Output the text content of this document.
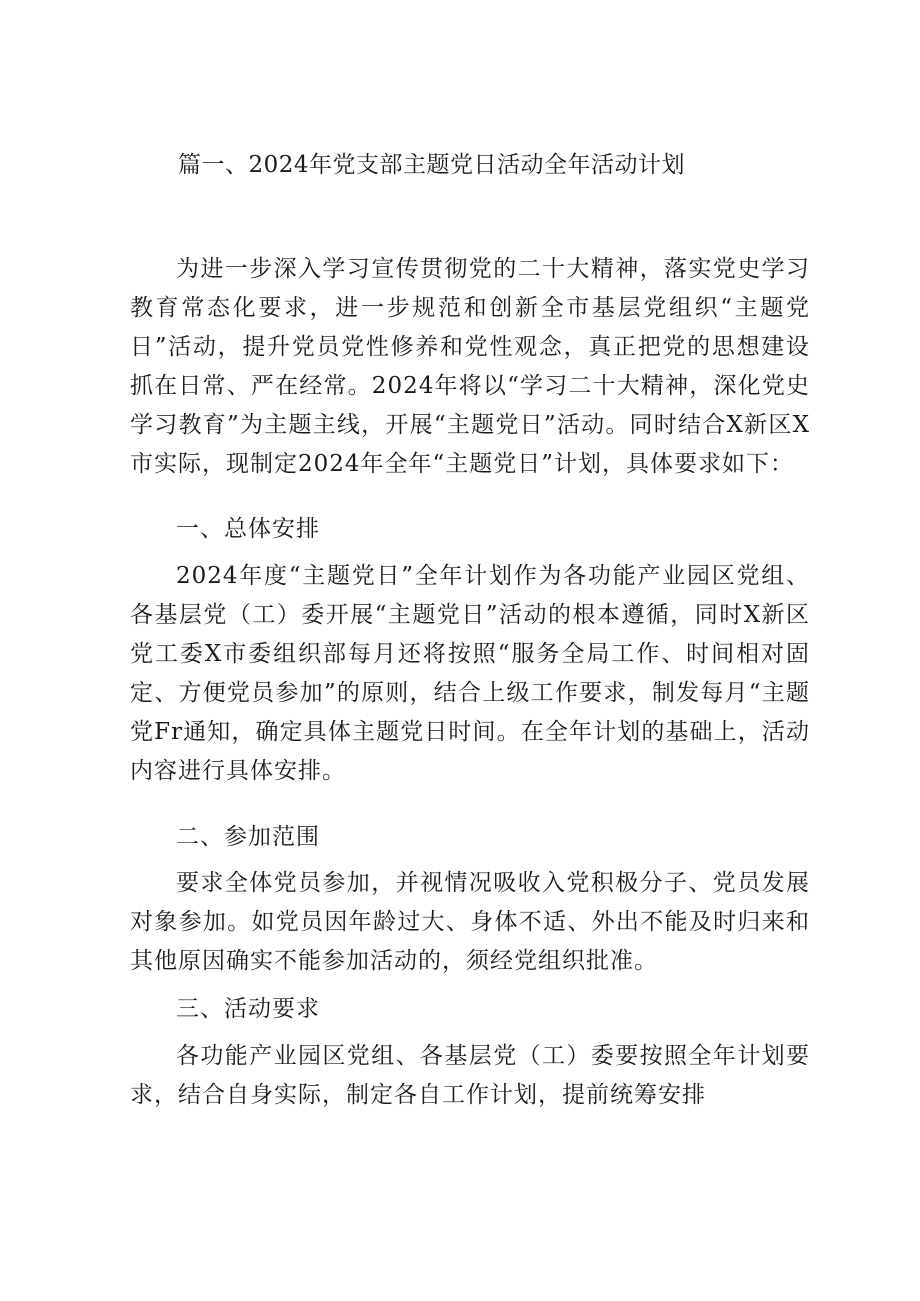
篇一、2024年党支部主题党日活动全年活动计划

为进一步深入学习宣传贯彻党的二十大精神，落实党史学习教育常态化要求，进一步规范和创新全市基层党组织“主题党日”活动，提升党员党性修养和党性观念，真正把党的思想建设抓在日常、严在经常。2024年将以“学习二十大精神，深化党史学习教育”为主题主线，开展“主题党日”活动。同时结合X新区X市实际，现制定2024年全年“主题党日”计划，具体要求如下：

一、总体安排

2024年度“主题党日”全年计划作为各功能产业园区党组、各基层党（工）委开展“主题党日”活动的根本遵循，同时X新区党工委X市委组织部每月还将按照“服务全局工作、时间相对固定、方便党员参加”的原则，结合上级工作要求，制发每月“主题党Fr通知，确定具体主题党日时间。在全年计划的基础上，活动内容进行具体安排。

二、参加范围

要求全体党员参加，并视情况吸收入党积极分子、党员发展对象参加。如党员因年龄过大、身体不适、外出不能及时归来和其他原因确实不能参加活动的，须经党组织批准。

三、活动要求

各功能产业园区党组、各基层党（工）委要按照全年计划要求，结合自身实际，制定各自工作计划，提前统筹安排
